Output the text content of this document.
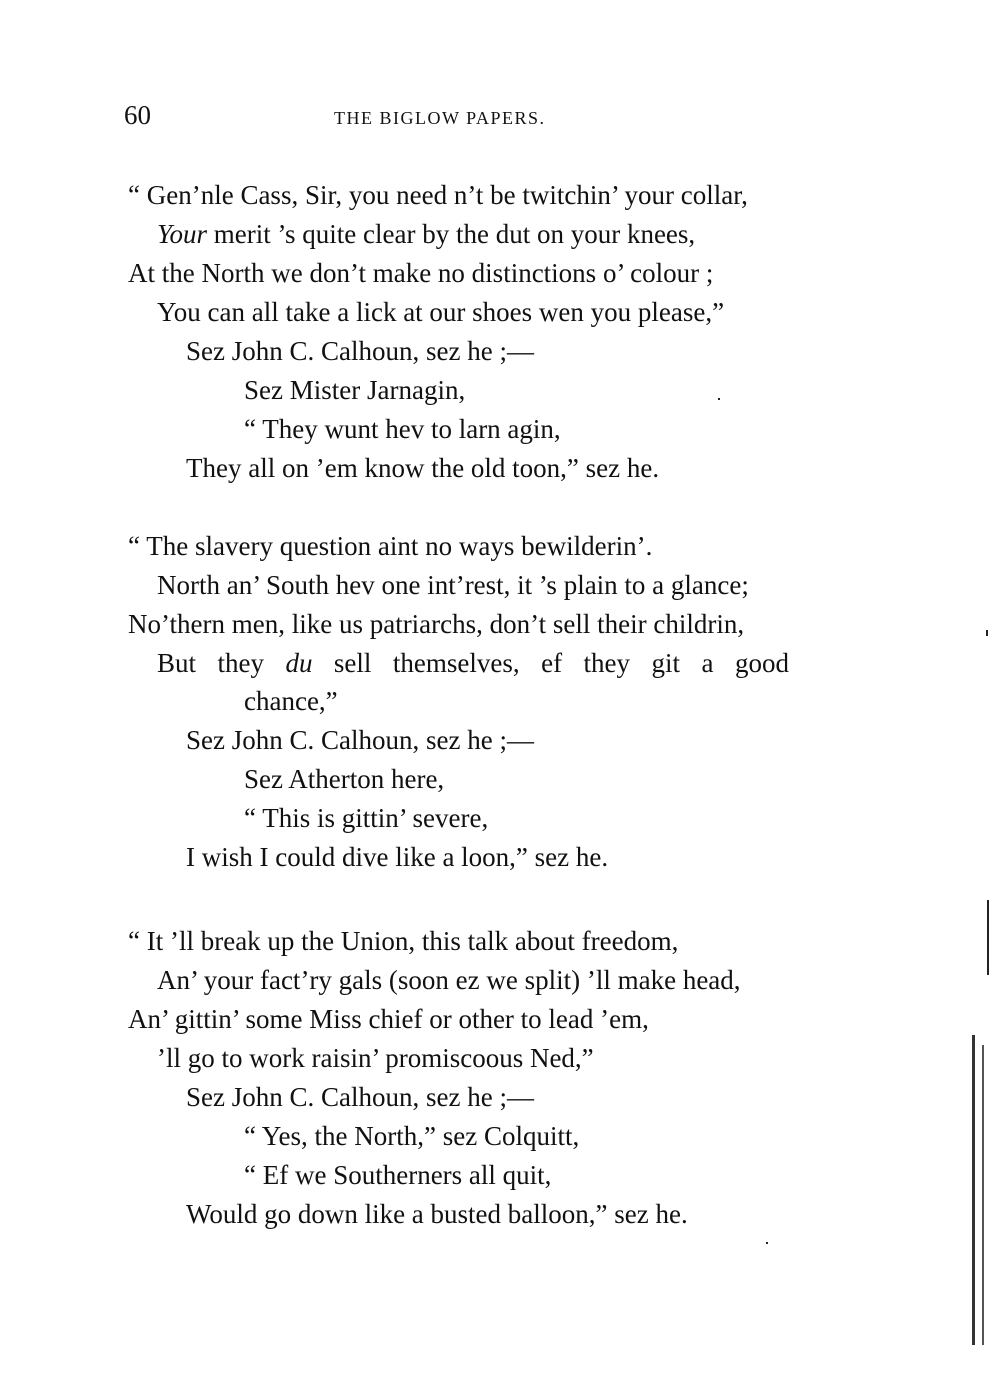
60	THE BIGLOW PAPERS.
“ Gen’nle Cass, Sir, you need n’t be twitchin’ your collar,
Your merit ’s quite clear by the dut on your knees,
At the North we don’t make no distinctions o’ colour ;
You can all take a lick at our shoes wen you please,”
Sez John C. Calhoun, sez he ;—
Sez Mister Jarnagin,
“ They wunt hev to larn agin,
They all on ’em know the old toon,” sez he.
“ The slavery question aint no ways bewilderin’.
North an’ South hev one int’rest, it ’s plain to a glance;
No’thern men, like us patriarchs, don’t sell their childrin,
But they du sell themselves, ef they git a good
chance,”
Sez John C. Calhoun, sez he ;—
Sez Atherton here,
“ This is gittin’ severe,
I wish I could dive like a loon,” sez he.
“ It ’ll break up the Union, this talk about freedom,
An’ your fact’ry gals (soon ez we split) ’ll make head,
An’ gittin’ some Miss chief or other to lead ’em,
’ll go to work raisin’ promiscoous Ned,”
Sez John C. Calhoun, sez he ;—
“ Yes, the North,” sez Colquitt,
“ Ef we Southerners all quit,
Would go down like a busted balloon,” sez he.
